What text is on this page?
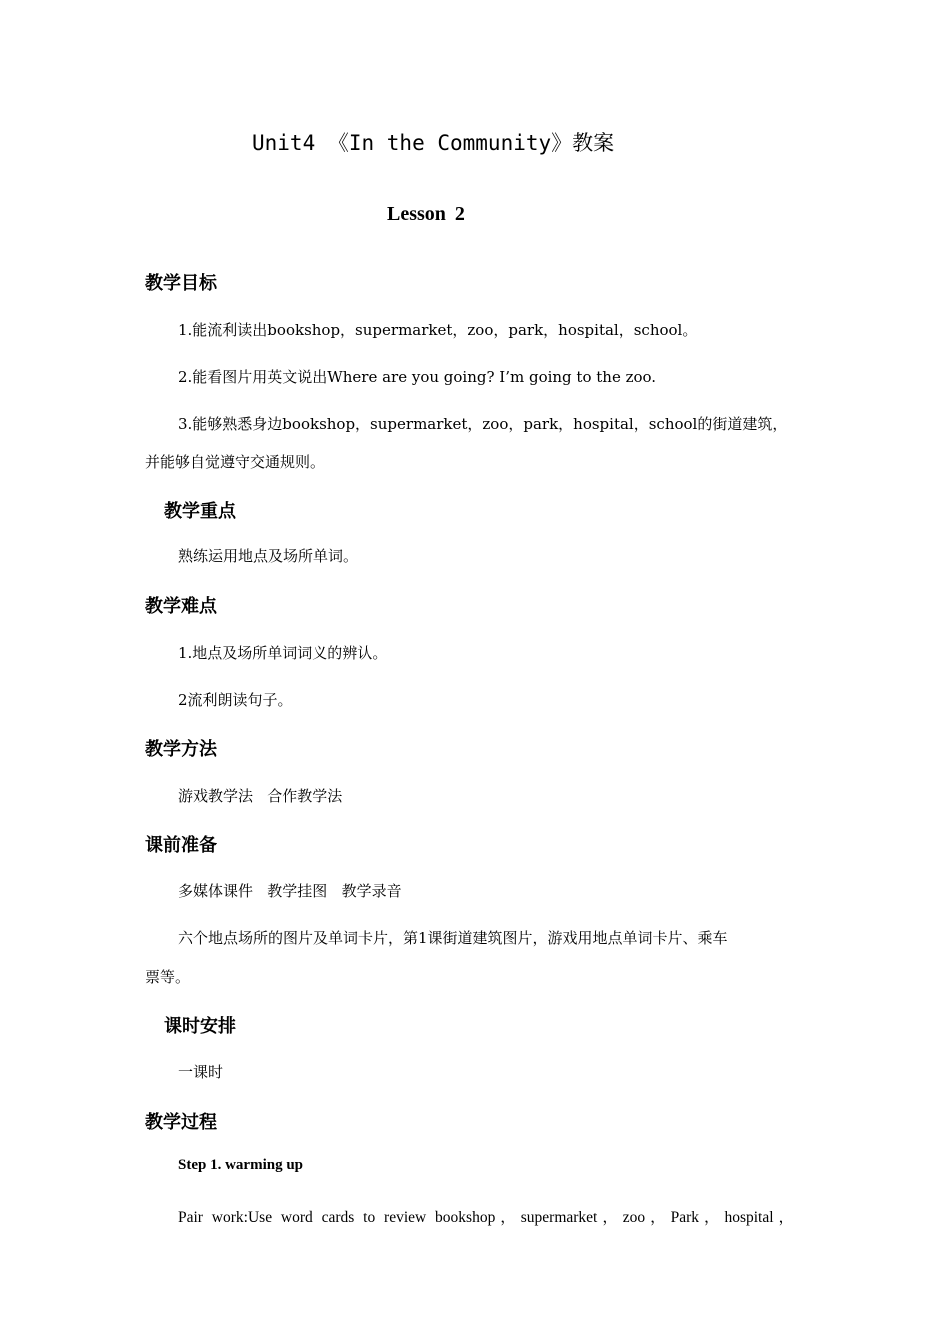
Unit4 《In the Community》教案
Lesson 2
教学目标
1.能流利读出bookshop，supermarket，zoo，park，hospital，school。
2.能看图片用英文说出Where are you going? I’m going to the zoo.
3.能够熟悉身边bookshop，supermarket，zoo，park，hospital，school的街道建筑，
并能够自觉遵守交通规则。
教学重点
熟练运用地点及场所单词。
教学难点
1.地点及场所单词词义的辨认。
2流利朗读句子。
教学方法
游戏教学法   合作教学法
课前准备
多媒体课件   教学挂图   教学录音
六个地点场所的图片及单词卡片，第1课街道建筑图片，游戏用地点单词卡片、乘车
票等。
课时安排
一课时
教学过程
Step 1. warming up
Pair work:Use word cards to review bookshop，supermarket，zoo，Park，hospital，
